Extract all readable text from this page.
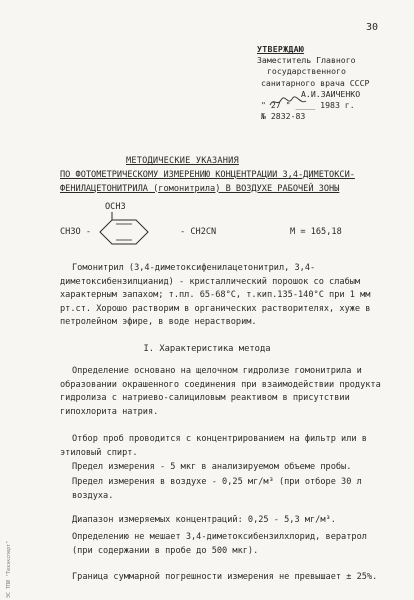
30
УТВЕРЖДАЮ
Заместитель Главного
государственного
санитарного врача СССР
А.И.ЗАИЧЕНКО
" 27 " ____ 1983 г.
№ 2832-83
МЕТОДИЧЕСКИЕ УКАЗАНИЯ
ПО ФОТОМЕТРИЧЕСКОМУ ИЗМЕРЕНИЮ КОНЦЕНТРАЦИИ 3,4-ДИМЕТОКСИ-
ФЕНИЛАЦЕТОНИТРИЛА (гомонитрила) В ВОЗДУХЕ РАБОЧЕЙ ЗОНЫ
OCH3
CH3O -	- CH2CN	M = 165,18

Гомонитрил (3,4-диметоксифенилацетонитрил, 3,4-диметоксибензилцианид) - кристаллический порошок со слабым характерным запахом; т.пл. 65-68°С, т.кип.135-140°С при 1 мм рт.ст. Хорошо растворим в органических растворителях, хуже в петролейном эфире, в воде нерастворим.

I. Характеристика метода

Определение основано на щелочном гидролизе гомонитрила и образовании окрашенного соединения при взаимодействии продукта гидролиза с натриево-салициловым реактивом в присутствии гипохлорита натрия.

Отбор проб проводится с концентрированием на фильтр или в этиловый спирт.

Предел измерения - 5 мкг в анализируемом объеме пробы.

Предел измерения в воздухе - 0,25 мг/м³ (при отборе 30 л воздуха.

Диапазон измеряемых концентраций: 0,25 - 5,3 мг/м³.

Определению не мешает 3,4-диметоксибензилхлорид, вератрол (при содержании в пробе до 500 мкг).

Граница суммарной погрешности измерения не превышает ± 25%.

ЭС ТПИ "Техэксперт"
